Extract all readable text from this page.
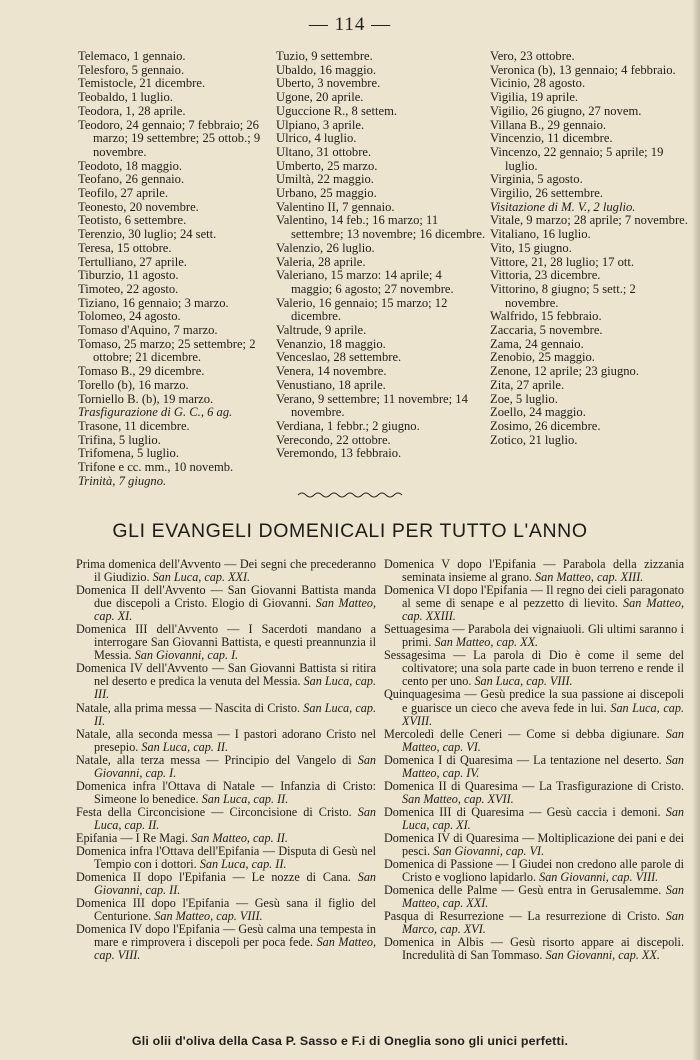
— 114 —
Telemaco, 1 gennaio.
Telesforo, 5 gennaio.
Temistocle, 21 dicembre.
Teobaldo, 1 luglio.
Teodora, 1, 28 aprile.
Teodoro, 24 gennaio; 7 febbraio; 26 marzo; 19 settembre; 25 ottob.; 9 novembre.
Teodoto, 18 maggio.
Teofano, 26 gennaio.
Teofilo, 27 aprile.
Teonesto, 20 novembre.
Teotisto, 6 settembre.
Terenzio, 30 luglio; 24 sett.
Teresa, 15 ottobre.
Tertulliano, 27 aprile.
Tiburzio, 11 agosto.
Timoteo, 22 agosto.
Tiziano, 16 gennaio; 3 marzo.
Tolomeo, 24 agosto.
Tomaso d'Aquino, 7 marzo.
Tomaso, 25 marzo; 25 settembre; 2 ottobre; 21 dicembre.
Tomaso B., 29 dicembre.
Torello (b), 16 marzo.
Torniello B. (b), 19 marzo.
Trasfigurazione di G. C., 6 ag.
Trasone, 11 dicembre.
Trifina, 5 luglio.
Trifomena, 5 luglio.
Trifone e cc. mm., 10 novemb.
Trinità, 7 giugno.
Tuzio, 9 settembre.
Ubaldo, 16 maggio.
Uberto, 3 novembre.
Ugone, 20 aprile.
Uguccione R., 8 settem.
Ulpiano, 3 aprile.
Ulrico, 4 luglio.
Ultano, 31 ottobre.
Umberto, 25 marzo.
Umiltà, 22 maggio.
Urbano, 25 maggio.
Valentino II, 7 gennaio.
Valentino, 14 feb.; 16 marzo; 11 settembre; 13 novembre; 16 dicembre.
Valenzio, 26 luglio.
Valeria, 28 aprile.
Valeriano, 15 marzo: 14 aprile; 4 maggio; 6 agosto; 27 novembre.
Valerio, 16 gennaio; 15 marzo; 12 dicembre.
Valtrude, 9 aprile.
Venanzio, 18 maggio.
Venceslao, 28 settembre.
Venera, 14 novembre.
Venustiano, 18 aprile.
Verano, 9 settembre; 11 novembre; 14 novembre.
Verdiana, 1 febbr.; 2 giugno.
Verecondo, 22 ottobre.
Veremondo, 13 febbraio.
Vero, 23 ottobre.
Veronica (b), 13 gennaio; 4 febbraio.
Vicinio, 28 agosto.
Vigilia, 19 aprile.
Vigilio, 26 giugno, 27 novem.
Villana B., 29 gennaio.
Vincenzio, 11 dicembre.
Vincenzo, 22 gennaio; 5 aprile; 19 luglio.
Virginia, 5 agosto.
Virgilio, 26 settembre.
Visitazione di M. V., 2 luglio.
Vitale, 9 marzo; 28 aprile; 7 novembre.
Vitaliano, 16 luglio.
Vito, 15 giugno.
Vittore, 21, 28 luglio; 17 ott.
Vittoria, 23 dicembre.
Vittorino, 8 giugno; 5 sett.; 2 novembre.
Walfrido, 15 febbraio.
Zaccaria, 5 novembre.
Zama, 24 gennaio.
Zenobio, 25 maggio.
Zenone, 12 aprile; 23 giugno.
Zita, 27 aprile.
Zoe, 5 luglio.
Zoello, 24 maggio.
Zosimo, 26 dicembre.
Zotico, 21 luglio.
GLI EVANGELI DOMENICALI PER TUTTO L'ANNO
Prima domenica dell'Avvento — Dei segni che precederanno il Giudizio. San Luca, cap. XXI.
Domenica II dell'Avvento — San Giovanni Battista manda due discepoli a Cristo. Elogio di Giovanni. San Matteo, cap. XI.
Domenica III dell'Avvento — I Sacerdoti mandano a interrogare San Giovanni Battista, e questi preannunzia il Messia. San Giovanni, cap. I.
Domenica IV dell'Avvento — San Giovanni Battista si ritira nel deserto e predica la venuta del Messia. San Luca, cap. III.
Natale, alla prima messa — Nascita di Cristo. San Luca, cap. II.
Natale, alla seconda messa — I pastori adorano Cristo nel presepio. San Luca, cap. II.
Natale, alla terza messa — Principio del Vangelo di San Giovanni, cap. I.
Domenica infra l'Ottava di Natale — Infanzia di Cristo: Simeone lo benedice. San Luca, cap. II.
Festa della Circoncisione — Circoncisione di Cristo. San Luca, cap. II.
Epifania — I Re Magi. San Matteo, cap. II.
Domenica infra l'Ottava dell'Epifania — Disputa di Gesù nel Tempio con i dottori. San Luca, cap. II.
Domenica II dopo l'Epifania — Le nozze di Cana. San Giovanni, cap. II.
Domenica III dopo l'Epifania — Gesù sana il figlio del Centurione. San Matteo, cap. VIII.
Domenica IV dopo l'Epifania — Gesù calma una tempesta in mare e rimprovera i discepoli per poca fede. San Matteo, cap. VIII.
Domenica V dopo l'Epifania — Parabola della zizzania seminata insieme al grano. San Matteo, cap. XIII.
Domenica VI dopo l'Epifania — Il regno dei cieli paragonato al seme di senape e al pezzetto di lievito. San Matteo, cap. XXIII.
Settuagesima — Parabola dei vignaiuoli. Gli ultimi saranno i primi. San Matteo, cap. XX.
Sessagesima — La parola di Dio è come il seme del coltivatore; una sola parte cade in buon terreno e rende il cento per uno. San Luca, cap. VIII.
Quinquagesima — Gesù predice la sua passione ai discepoli e guarisce un cieco che aveva fede in lui. San Luca, cap. XVIII.
Mercoledì delle Ceneri — Come si debba digiunare. San Matteo, cap. VI.
Domenica I di Quaresima — La tentazione nel deserto. San Matteo, cap. IV.
Domenica II di Quaresima — La Trasfigurazione di Cristo. San Matteo, cap. XVII.
Domenica III di Quaresima — Gesù caccia i demoni. San Luca, cap. XI.
Domenica IV di Quaresima — Moltiplicazione dei pani e dei pesci. San Giovanni, cap. VI.
Domenica di Passione — I Giudei non credono alle parole di Cristo e vogliono lapidarlo. San Giovanni, cap. VIII.
Domenica delle Palme — Gesù entra in Gerusalemme. San Matteo, cap. XXI.
Pasqua di Resurrezione — La resurrezione di Cristo. San Marco, cap. XVI.
Domenica in Albis — Gesù risorto appare ai discepoli. Incredulità di San Tommaso. San Giovanni, cap. XX.
Gli olii d'oliva della Casa P. Sasso e F.i di Oneglia sono gli unici perfetti.
